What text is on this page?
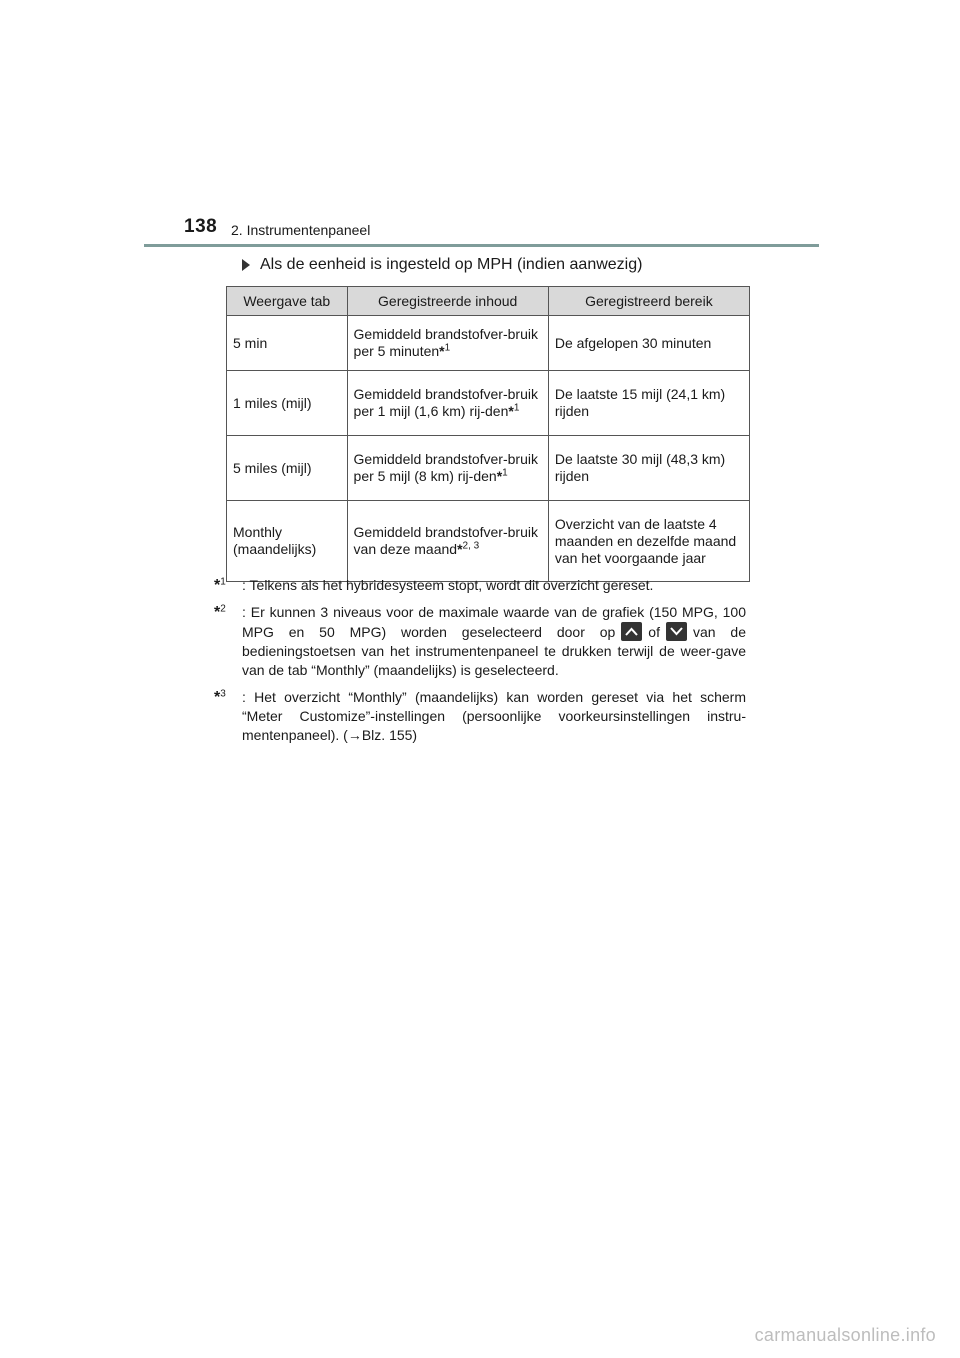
138 2. Instrumentenpaneel
Als de eenheid is ingesteld op MPH (indien aanwezig)
Weergave tab	Geregistreerde inhoud	Geregistreerd bereik
5 min	Gemiddeld brandstofver-bruik per 5 minuten*$^1$	De afgelopen 30 minuten
1 miles (mijl)	Gemiddeld brandstofver-bruik per 1 mijl (1,6 km) rij-den*$^1$	De laatste 15 mijl (24,1 km) rijden
5 miles (mijl)	Gemiddeld brandstofver-bruik per 5 mijl (8 km) rij-den*$^1$	De laatste 30 mijl (48,3 km) rijden
Monthly (maandelijks)	Gemiddeld brandstofver-bruik van deze maand*$^{2, 3}$	Overzicht van de laatste 4 maanden en dezelfde maand van het voorgaande jaar
*$^1$ : Telkens als het hybridesysteem stopt, wordt dit overzicht gereset.

*$^2$ : Er kunnen 3 niveaus voor de maximale waarde van de grafiek (150 MPG, 100 MPG en 50 MPG) worden geselecteerd door op of van de bedieningstoetsen van het instrumentenpaneel te drukken terwijl de weer-gave van de tab “Monthly” (maandelijks) is geselecteerd.

*$^3$ : Het overzicht “Monthly” (maandelijks) kan worden gereset via het scherm “Meter Customize”-instellingen (persoonlijke voorkeursinstellingen instru-mentenpaneel). (→Blz. 155)

carmanualsonline.info
